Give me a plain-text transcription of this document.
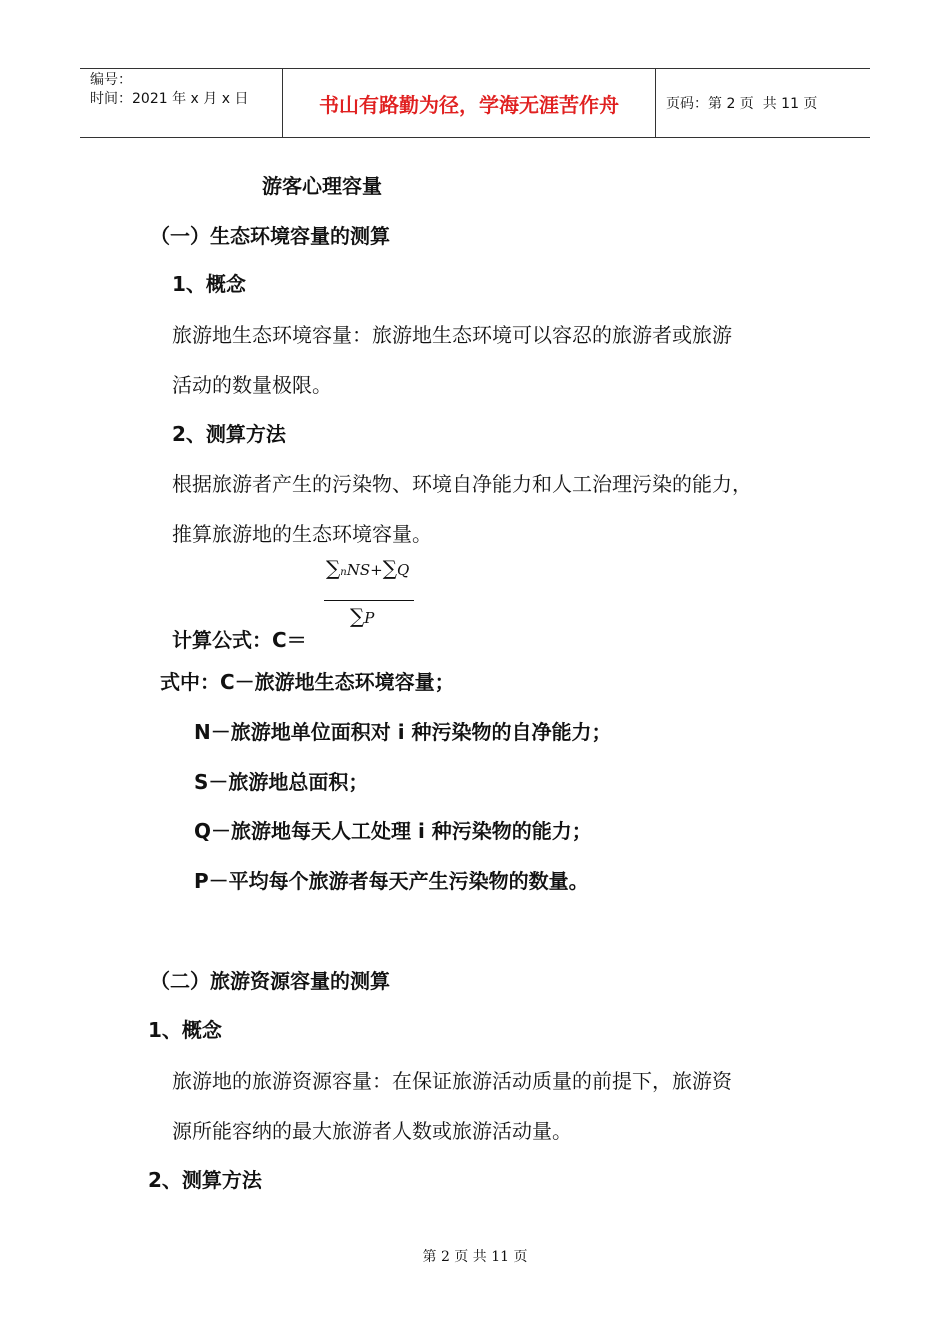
编号：
时间：2021 年 x 月 x 日	书山有路勤为径，学海无涯苦作舟	页码：第 2 页  共 11 页
游客心理容量
（一）生态环境容量的测算
1、概念
旅游地生态环境容量：旅游地生态环境可以容忍的旅游者或旅游
活动的数量极限。
2、测算方法
根据旅游者产生的污染物、环境自净能力和人工治理污染的能力，
推算旅游地的生态环境容量。
∑nNS+∑Q
∑P
计算公式：C＝
式中：C－旅游地生态环境容量；
N－旅游地单位面积对 i 种污染物的自净能力；
S－旅游地总面积；
Q－旅游地每天人工处理 i 种污染物的能力；
P－平均每个旅游者每天产生污染物的数量。
（二）旅游资源容量的测算
1、概念
旅游地的旅游资源容量：在保证旅游活动质量的前提下，旅游资
源所能容纳的最大旅游者人数或旅游活动量。
2、测算方法
第 2 页 共 11 页
